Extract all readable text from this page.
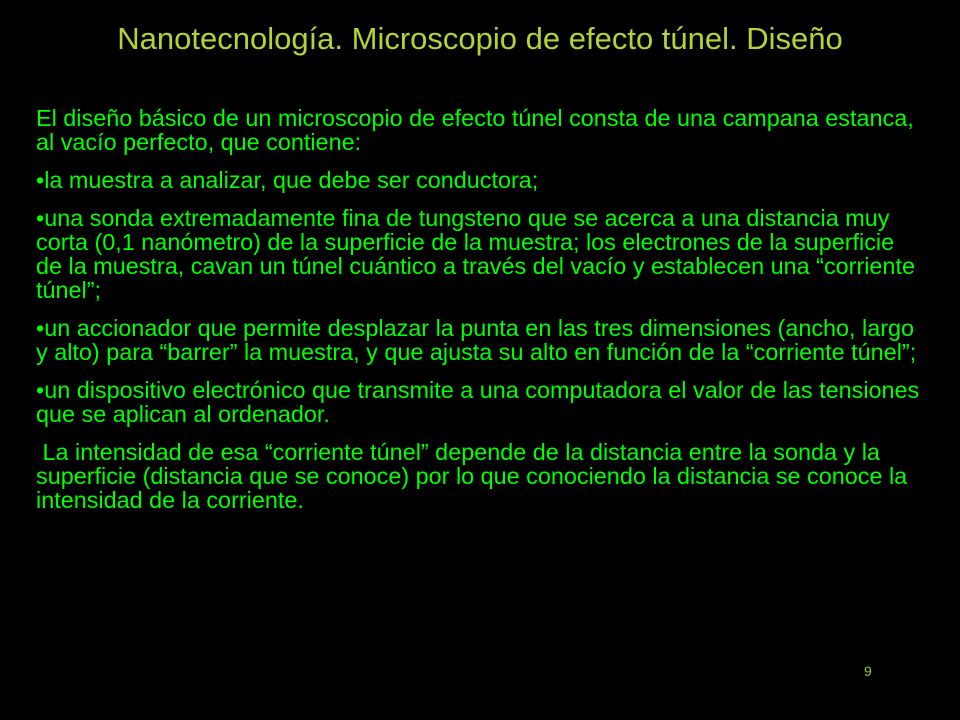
Nanotecnología. Microscopio de efecto túnel. Diseño

El diseño básico de un microscopio de efecto túnel consta de una campana estanca, al vacío perfecto, que contiene:

•la muestra a analizar, que debe ser conductora;

•una sonda extremadamente fina de tungsteno que se acerca a una distancia muy corta (0,1 nanómetro) de la superficie de la muestra; los electrones de la superficie de la muestra, cavan un túnel cuántico a través del vacío y establecen una “corriente túnel”;

•un accionador que permite desplazar la punta en las tres dimensiones (ancho, largo y alto) para “barrer” la muestra, y que ajusta su alto en función de la “corriente túnel”;

•un dispositivo electrónico que transmite a una computadora el valor de las tensiones que se aplican al ordenador.

La intensidad de esa “corriente túnel” depende de la distancia entre la sonda y la superficie (distancia que se conoce) por lo que conociendo la distancia se conoce la intensidad de la corriente.

9
